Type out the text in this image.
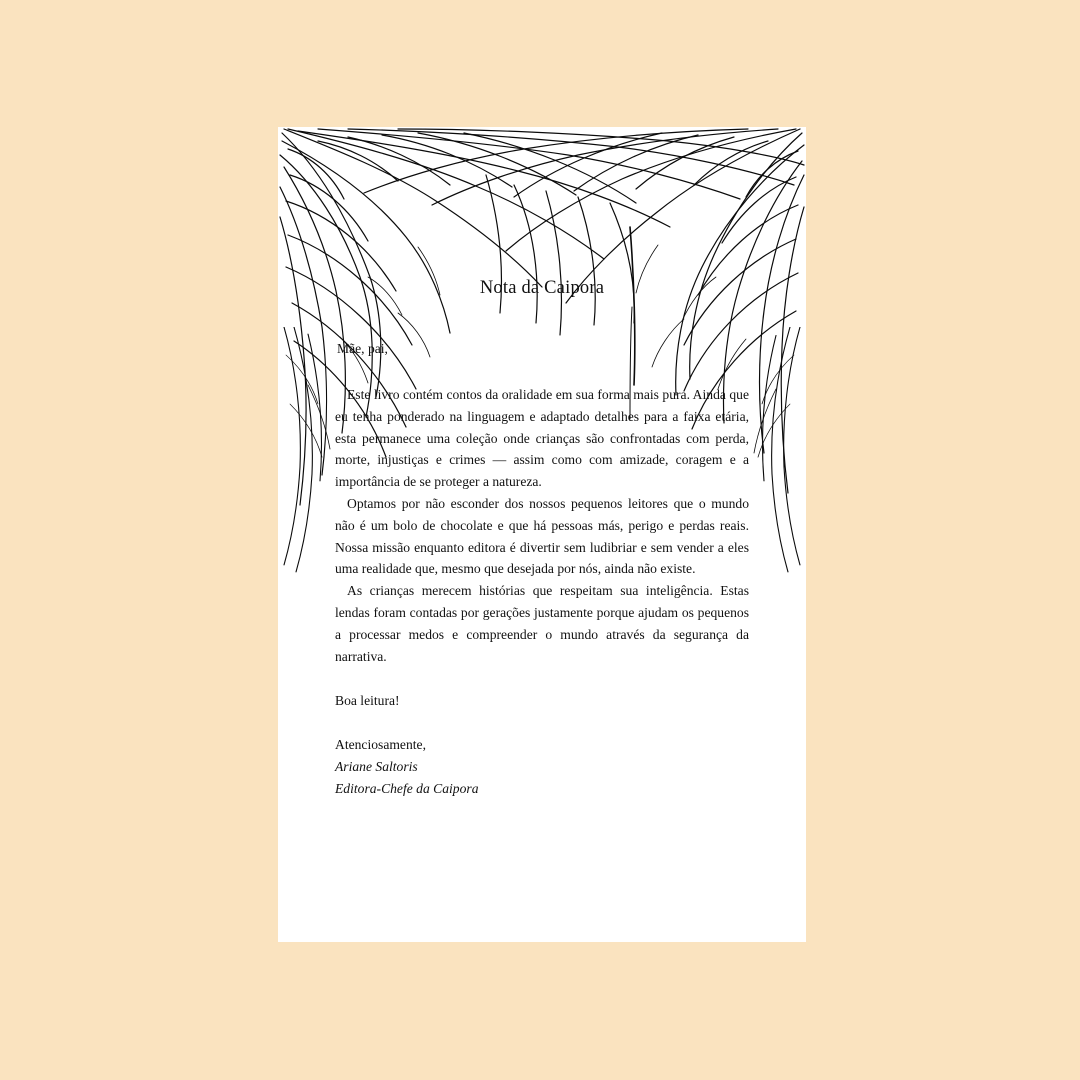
Nota da Caipora
Mãe, pai,

Este livro contém contos da oralidade em sua forma mais pura. Ainda que eu tenha ponderado na linguagem e adaptado detalhes para a faixa etária, esta permanece uma coleção onde crianças são confrontadas com perda, morte, injustiças e crimes — assim como com amizade, coragem e a importância de se proteger a natureza.

Optamos por não esconder dos nossos pequenos leitores que o mundo não é um bolo de chocolate e que há pessoas más, perigo e perdas reais. Nossa missão enquanto editora é divertir sem ludibriar e sem vender a eles uma realidade que, mesmo que desejada por nós, ainda não existe.

As crianças merecem histórias que respeitam sua inteligência. Estas lendas foram contadas por gerações justamente porque ajudam os pequenos a processar medos e compreender o mundo através da segurança da narrativa.

Boa leitura!
Atenciosamente,
Ariane Saltoris
Editora-Chefe da Caipora
